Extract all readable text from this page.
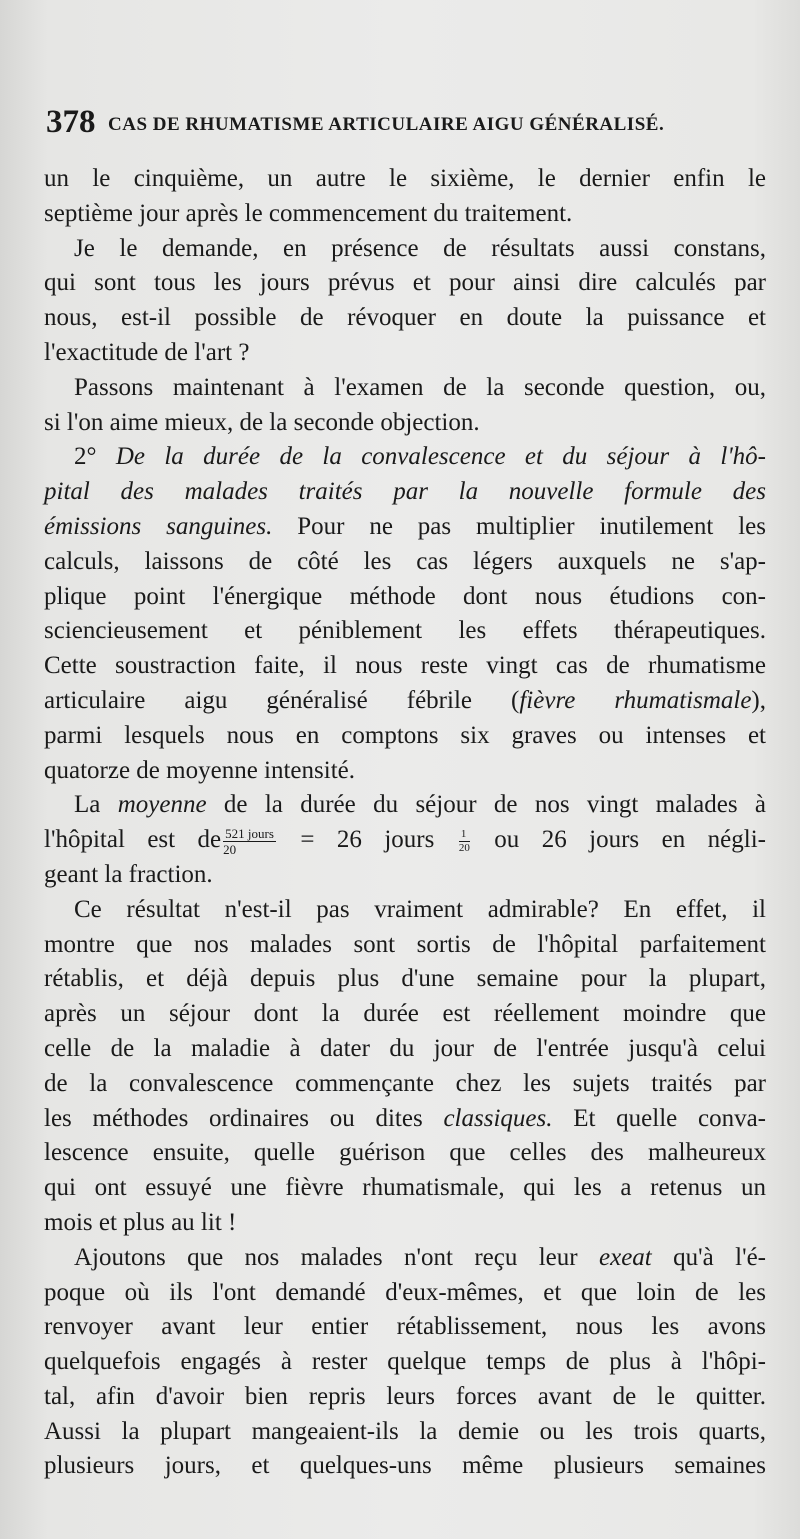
378 CAS DE RHUMATISME ARTICULAIRE AIGU GÉNÉRALISÉ.
un le cinquième, un autre le sixième, le dernier enfin le
septième jour après le commencement du traitement.
Je le demande, en présence de résultats aussi constans,
qui sont tous les jours prévus et pour ainsi dire calculés par
nous, est-il possible de révoquer en doute la puissance et
l'exactitude de l'art ?
Passons maintenant à l'examen de la seconde question, ou,
si l'on aime mieux, de la seconde objection.
2° De la durée de la convalescence et du séjour à l'hô-
pital des malades traités par la nouvelle formule des
émissions sanguines. Pour ne pas multiplier inutilement les
calculs, laissons de côté les cas légers auxquels ne s'ap-
plique point l'énergique méthode dont nous étudions con-
sciencieusement et péniblement les effets thérapeutiques.
Cette soustraction faite, il nous reste vingt cas de rhumatisme
articulaire aigu généralisé fébrile (fièvre rhumatismale),
parmi lesquels nous en comptons six graves ou intenses et
quatorze de moyenne intensité.
La moyenne de la durée du séjour de nos vingt malades à
l'hôpital est de $\frac{\text{521 jours}}{20} = 26$ jours $\frac{1}{20}$ ou 26 jours en négli-
geant la fraction.
Ce résultat n'est-il pas vraiment admirable? En effet, il
montre que nos malades sont sortis de l'hôpital parfaitement
rétablis, et déjà depuis plus d'une semaine pour la plupart,
après un séjour dont la durée est réellement moindre que
celle de la maladie à dater du jour de l'entrée jusqu'à celui
de la convalescence commençante chez les sujets traités par
les méthodes ordinaires ou dites classiques. Et quelle conva-
lescence ensuite, quelle guérison que celles des malheureux
qui ont essuyé une fièvre rhumatismale, qui les a retenus un
mois et plus au lit !
Ajoutons que nos malades n'ont reçu leur exeat qu'à l'é-
poque où ils l'ont demandé d'eux-mêmes, et que loin de les
renvoyer avant leur entier rétablissement, nous les avons
quelquefois engagés à rester quelque temps de plus à l'hôpi-
tal, afin d'avoir bien repris leurs forces avant de le quitter.
Aussi la plupart mangeaient-ils la demie ou les trois quarts,
plusieurs jours, et quelques-uns même plusieurs semaines
